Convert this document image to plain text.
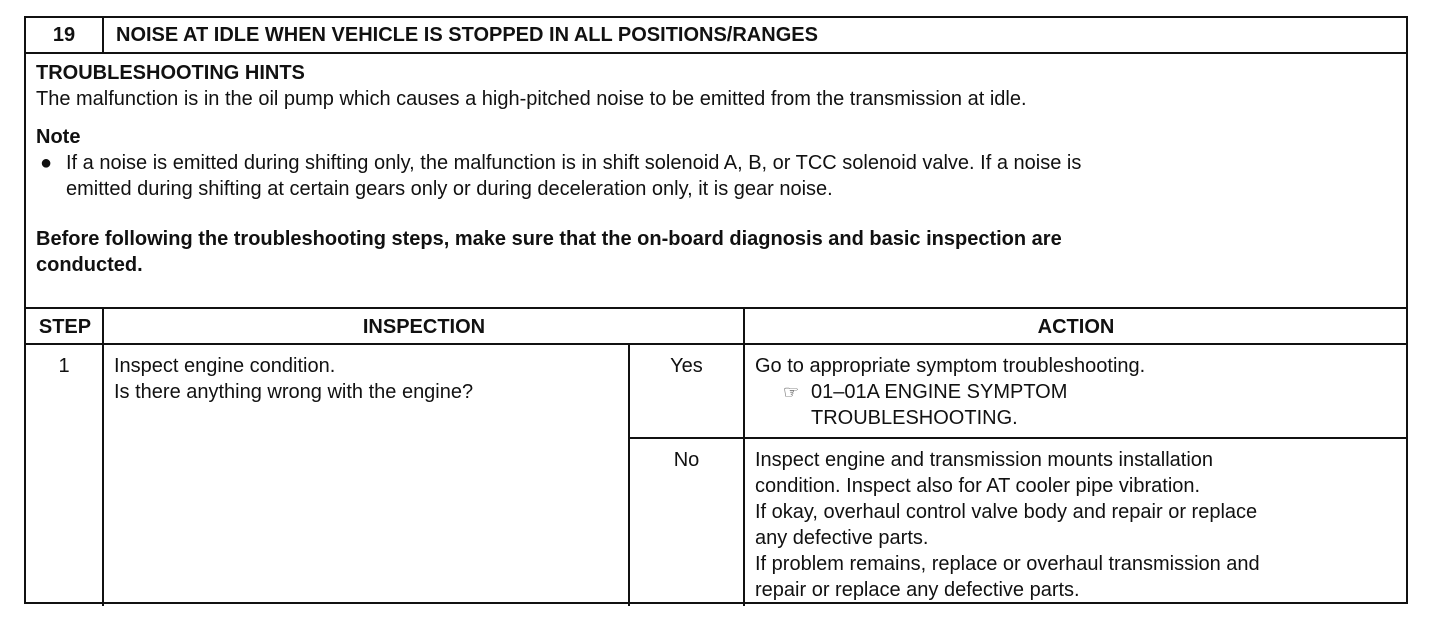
19	NOISE AT IDLE WHEN VEHICLE IS STOPPED IN ALL POSITIONS/RANGES
TROUBLESHOOTING HINTS
The malfunction is in the oil pump which causes a high-pitched noise to be emitted from the transmission at idle.
Note
● If a noise is emitted during shifting only, the malfunction is in shift solenoid A, B, or TCC solenoid valve. If a noise is
emitted during shifting at certain gears only or during deceleration only, it is gear noise.
Before following the troubleshooting steps, make sure that the on-board diagnosis and basic inspection are
conducted.
STEP	INSPECTION	ACTION
1	Inspect engine condition.
Is there anything wrong with the engine?
Yes	Go to appropriate symptom troubleshooting.
☞ 01–01A ENGINE SYMPTOM
TROUBLESHOOTING.
No	Inspect engine and transmission mounts installation
condition. Inspect also for AT cooler pipe vibration.
If okay, overhaul control valve body and repair or replace
any defective parts.
If problem remains, replace or overhaul transmission and
repair or replace any defective parts.
